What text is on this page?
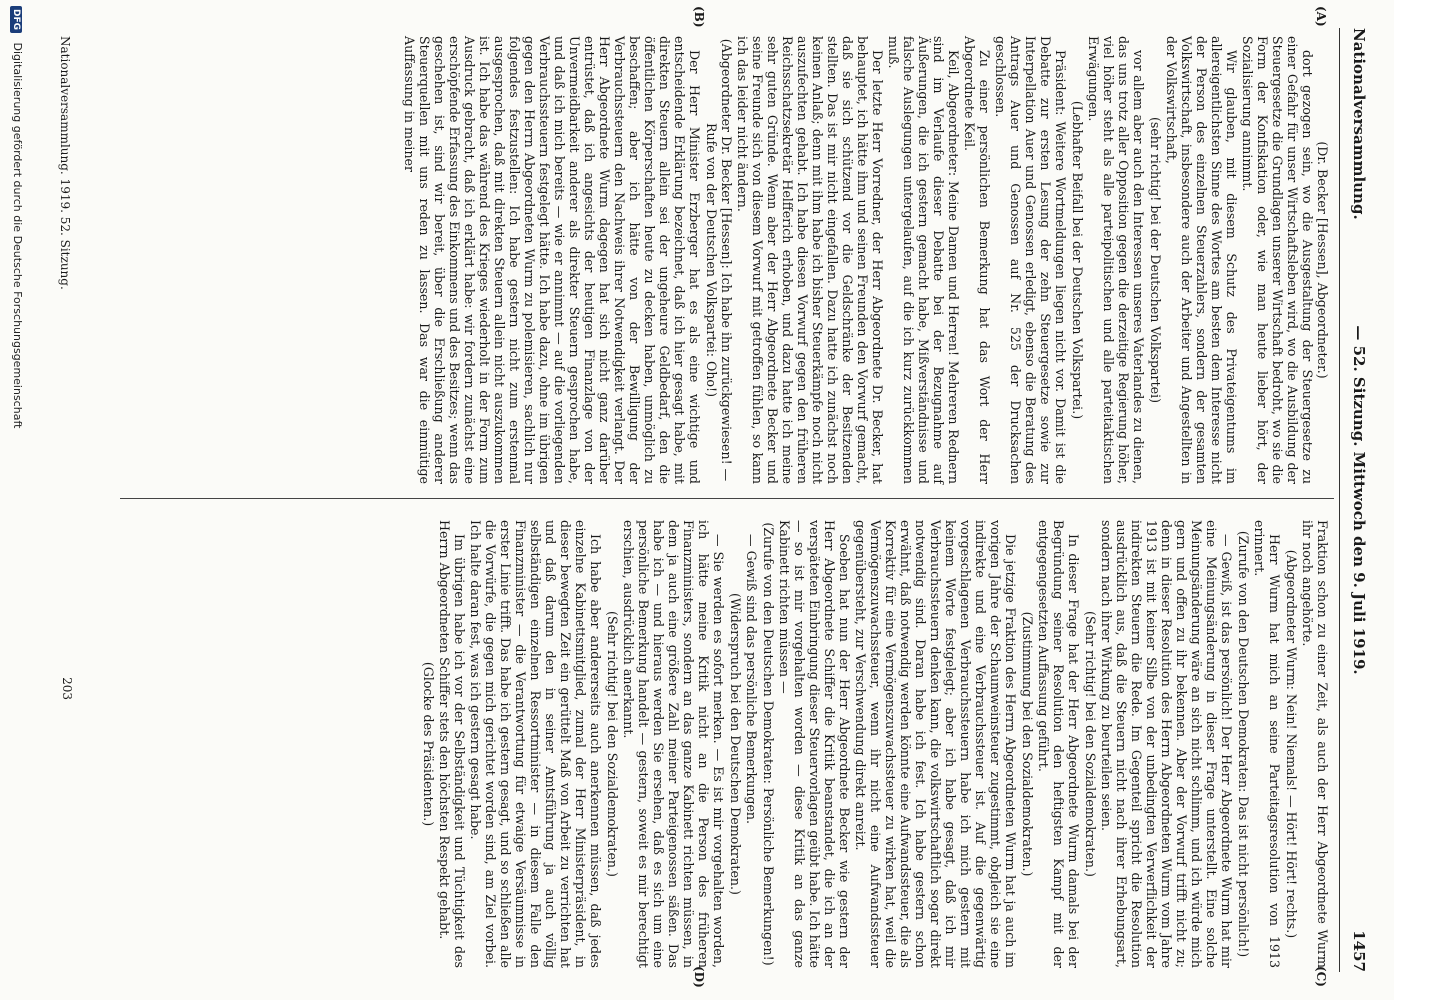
Nationalversammlung.
— 52. Sitzung. Mittwoch den 9. Juli 1919.
1457
(A)
(B)
(C)
(D)

(Dr. Becker [Hessen], Abgeordneter.)

dort gezogen sein, wo die Ausgestaltung der Steuergesetze zu einer Gefahr für unser Wirtschaftsleben wird, wo die Ausbildung der Steuergesetze die Grundlagen unserer Wirtschaft bedroht, wo sie die Form der Konfiskation oder, wie man heute lieber hört, der Sozialisierung annimmt.

Wir glauben, mit diesem Schutz des Privateigentums im allereigentlichsten Sinne des Wortes am besten dem Interesse nicht der Person des einzelnen Steuerzahlers, sondern der gesamten Volkswirtschaft, insbesondere auch der Arbeiter und Angestellten in der Volkswirtschaft,

(sehr richtig! bei der Deutschen Volkspartei)

vor allem aber auch den Interessen unseres Vaterlandes zu dienen, das uns trotz aller Opposition gegen die derzeitige Regierung höher, viel höher steht als alle parteipolitischen und alle parteitaktischen Erwägungen.

(Lebhafter Beifall bei der Deutschen Volkspartei.)

Präsident: Weitere Wortmeldungen liegen nicht vor. Damit ist die Debatte zur ersten Lesung der zehn Steuergesetze sowie zur Interpellation Auer und Genossen erledigt, ebenso die Beratung des Antrags Auer und Genossen auf Nr. 525 der Drucksachen geschlossen.

Zu einer persönlichen Bemerkung hat das Wort der Herr Abgeordnete Keil.

Keil, Abgeordneter: Meine Damen und Herren! Mehreren Rednern sind im Verlaufe dieser Debatte bei der Bezugnahme auf Äußerungen, die ich gestern gemacht habe, Mißverständnisse und falsche Auslegungen untergelaufen, auf die ich kurz zurückkommen muß.

Der letzte Herr Vorredner, der Herr Abgeordnete Dr. Becker, hat behauptet, ich hätte ihm und seinen Freunden den Vorwurf gemacht, daß sie sich schützend vor die Geldschränke der Besitzenden stellten. Das ist mir nicht eingefallen. Dazu hatte ich zunächst noch keinen Anlaß; denn mit ihm habe ich bisher Steuerkämpfe noch nicht auszufechten gehabt. Ich habe diesen Vorwurf gegen den früheren Reichsschatzsekretär Helfferich erhoben, und dazu hatte ich meine sehr guten Gründe. Wenn aber der Herr Abgeordnete Becker und seine Freunde sich von diesem Vorwurf mit getroffen fühlen, so kann ich das leider nicht ändern.

(Abgeordneter Dr. Becker [Hessen]: Ich habe ihn zurückgewiesen! — Rufe von der Deutschen Volkspartei: Oho!)

Der Herr Minister Erzberger hat es als eine wichtige und entscheidende Erklärung bezeichnet, daß ich hier gesagt habe, mit direkten Steuern allein sei der ungeheure Geldbedarf, den die öffentlichen Körperschaften heute zu decken haben, unmöglich zu beschaffen; aber ich hätte von der Bewilligung der Verbrauchssteuern den Nachweis ihrer Notwendigkeit verlangt. Der Herr Abgeordnete Wurm dagegen hat sich nicht ganz darüber entrüstet, daß ich angesichts der heutigen Finanzlage von der Unvermeidbarkeit anderer als direkter Steuern gesprochen habe, und daß ich mich bereits — wie er annimmt — auf die vorliegenden Verbrauchssteuern festgelegt hätte. Ich habe dazu, ohne im übrigen gegen den Herrn Abgeordneten Wurm zu polemisieren, sachlich nur folgendes festzustellen: Ich habe gestern nicht zum erstenmal ausgesprochen, daß mit direkten Steuern allein nicht auszukommen ist. Ich habe das während des Krieges wiederholt in der Form zum Ausdruck gebracht, daß ich erklärt habe: wir fordern zunächst eine erschöpfende Erfassung des Einkommens und des Besitzes; wenn das geschehen ist, sind wir bereit, über die Erschließung anderer Steuerquellen mit uns reden zu lassen. Das war die einmütige Auffassung in meiner

Fraktion schon zu einer Zeit, als auch der Herr Abgeordnete Wurm ihr noch angehörte.

(Abgeordneter Wurm: Nein! Niemals! — Hört! Hört! rechts.)

Herr Wurm hat mich an seine Parteitagsresolution von 1913 erinnert.

(Zurufe von den Deutschen Demokraten: Das ist nicht persönlich!)

— Gewiß, ist das persönlich! Der Herr Abgeordnete Wurm hat mir eine Meinungsänderung in dieser Frage unterstellt. Eine solche Meinungsänderung wäre an sich nicht schlimm, und ich würde mich gern und offen zu ihr bekennen. Aber der Vorwurf trifft nicht zu; denn in dieser Resolution des Herrn Abgeordneten Wurm vom Jahre 1913 ist mit keiner Silbe von der unbedingten Verwerflichkeit der indirekten Steuern die Rede. Im Gegenteil spricht die Resolution ausdrücklich aus, daß die Steuern nicht nach ihrer Erhebungsart, sondern nach ihrer Wirkung zu beurteilen seien.

(Sehr richtig! bei den Sozialdemokraten.)

In dieser Frage hat der Herr Abgeordnete Wurm damals bei der Begründung seiner Resolution den heftigsten Kampf mit der entgegengesetzten Auffassung geführt.

(Zustimmung bei den Sozialdemokraten.)

Die jetzige Fraktion des Herrn Abgeordneten Wurm hat ja auch im vorigen Jahre der Schaumweinsteuer zugestimmt, obgleich sie eine indirekte und eine Verbrauchssteuer ist. Auf die gegenwärtig vorgeschlagenen Verbrauchssteuern habe ich mich gestern mit keinem Worte festgelegt; aber ich habe gesagt, daß ich mir Verbrauchssteuern denken kann, die volkswirtschaftlich sogar direkt notwendig sind. Daran habe ich fest. Ich habe gestern schon erwähnt, daß notwendig werden könnte eine Aufwandssteuer, die als Korrektiv für eine Vermögenszuwachssteuer zu wirken hat, weil die Vermögenszuwachssteuer, wenn ihr nicht eine Aufwandssteuer gegenübersteht, zur Verschwendung direkt anreizt.

Soeben hat nun der Herr Abgeordnete Becker wie gestern der Herr Abgeordnete Schiffer die Kritik beanstandet, die ich an der verspäteten Einbringung dieser Steuervorlagen geübt habe. Ich hätte — so ist mir vorgehalten worden — diese Kritik an das ganze Kabinett richten müssen —

(Zurufe von den Deutschen Demokraten: Persönliche Bemerkungen!)

— Gewiß sind das persönliche Bemerkungen.

(Widerspruch bei den Deutschen Demokraten.)

— Sie werden es sofort merken. — Es ist mir vorgehalten worden, ich hätte meine Kritik nicht an die Person des früheren Finanzministers, sondern an das ganze Kabinett richten müssen, in dem ja auch eine größere Zahl meiner Parteigenossen säßen. Das habe ich — und hieraus werden Sie ersehen, daß es sich um eine persönliche Bemerkung handelt — gestern, soweit es mir berechtigt erschien, ausdrücklich anerkannt.

(Sehr richtig! bei den Sozialdemokraten.)

Ich habe aber andererseits auch anerkennen müssen, daß jedes einzelne Kabinettsmitglied, zumal der Herr Ministerpräsident, in dieser bewegten Zeit ein gerüttelt Maß von Arbeit zu verrichten hat und daß darum den in seiner Amtsführung ja auch völlig selbständigen einzelnen Ressortminister — in diesem Falle den Finanzminister — die Verantwortung für etwaige Versäumnisse in erster Linie trifft. Das habe ich gestern gesagt, und so schließen alle die Vorwürfe, die gegen mich gerichtet worden sind, am Ziel vorbei. Ich halte daran fest, was ich gestern gesagt habe.

Im übrigen habe ich vor der Selbständigkeit und Tüchtigkeit des Herrn Abgeordneten Schiffer stets den höchsten Respekt gehabt.

(Glocke des Präsidenten.)

Nationalversammlung. 1919. 52. Sitzung.
203
DFG Digitalisierung gefördert durch die Deutsche Forschungsgemeinschaft
